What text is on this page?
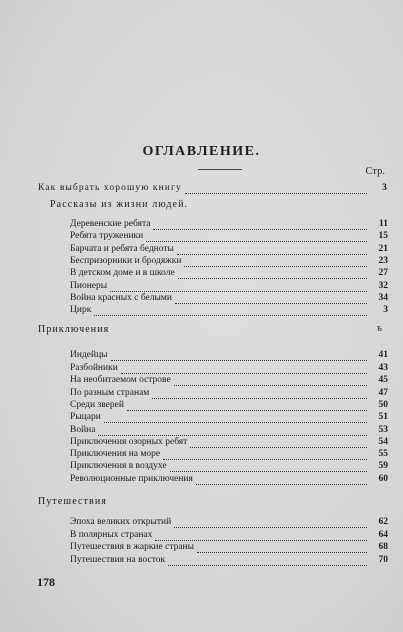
ОГЛАВЛЕНИЕ.
Стр.
Как выбрать хорошую книгу	3
Рассказы из жизни людей.
Деревенские ребята	11
Ребята труженики	15
Барчата и ребята бедноты	21
Беспризорники и бродяжки	23
В детском доме и в школе	27
Пионеры	32
Война красных с белыми	34
Цирк	3
Приключения	ъ
Индейцы	41
Разбойники	43
На необитаемом острове	45
По разным странам	47
Среди зверей	50
Рыцари	51
Война	53
Приключения озорных ребят	54
Приключения на море	55
Приключения в воздухе	59
Революционные приключения	60
Путешествия
Эпоха великих открытий	62
В полярных странах	64
Путешествия в жаркие страны	68
Путешествия на восток	70
178
